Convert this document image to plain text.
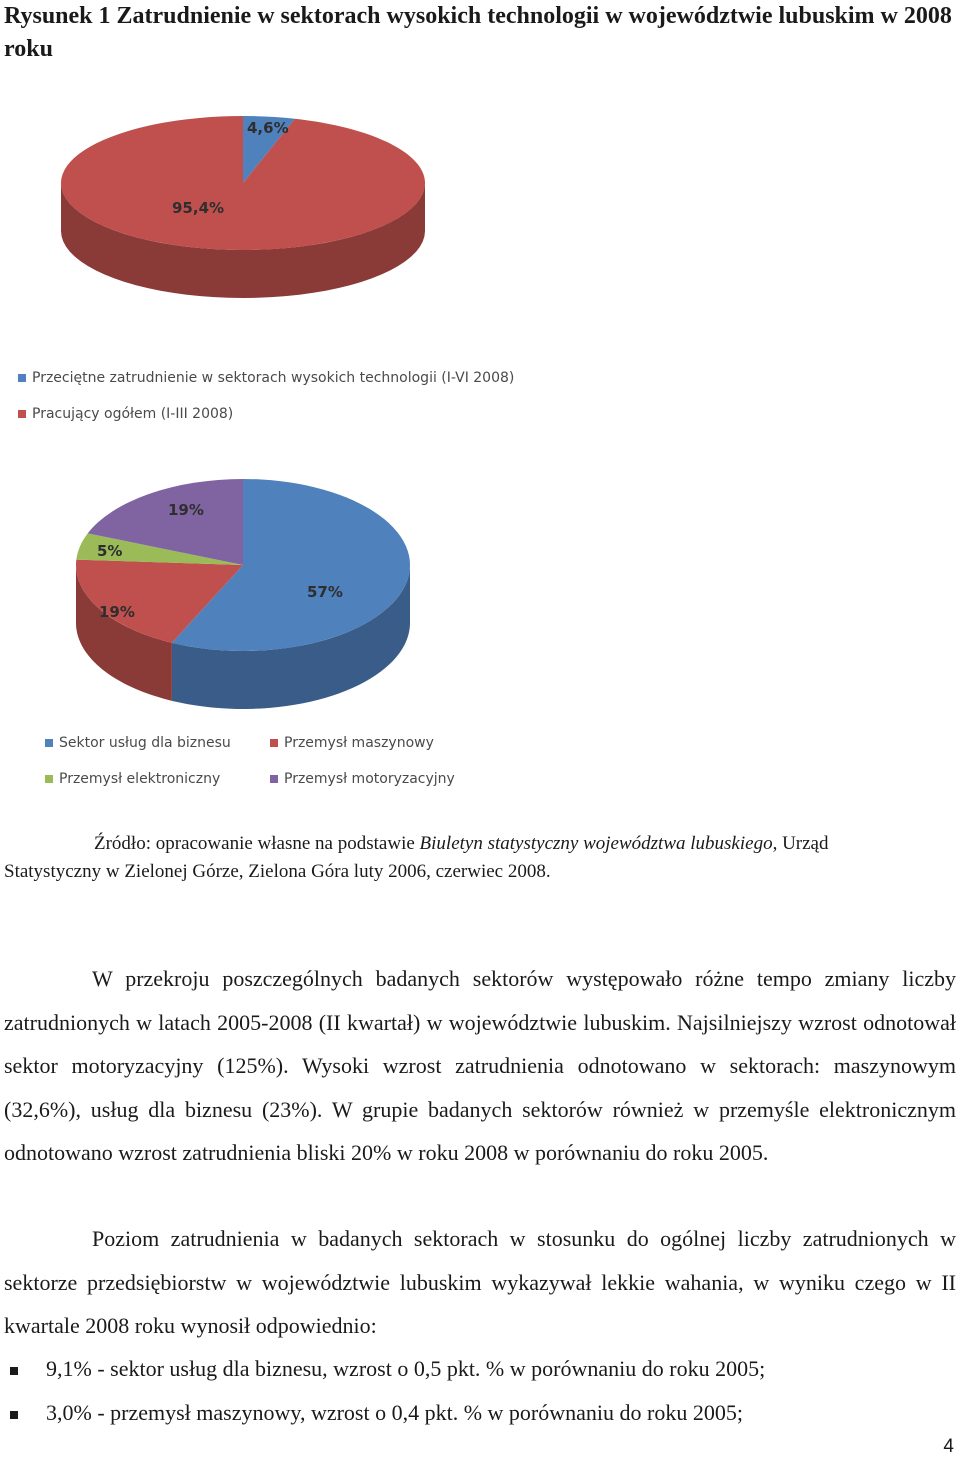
Rysunek 1 Zatrudnienie w sektorach wysokich technologii w województwie lubuskim w 2008 roku
4,6%
95,4%
Przeciętne zatrudnienie w sektorach wysokich technologii (I-VI 2008)
Pracujący ogółem (I-III 2008)
57%
19%
5%
19%
Sektor usług dla biznesu	Przemysł maszynowy
Przemysł elektroniczny	Przemysł motoryzacyjny
Źródło: opracowanie własne na podstawie Biuletyn statystyczny województwa lubuskiego, Urząd
Statystyczny w Zielonej Górze, Zielona Góra luty 2006, czerwiec 2008.
W przekroju poszczególnych badanych sektorów występowało różne tempo zmiany liczby zatrudnionych w latach 2005-2008 (II kwartał) w województwie lubuskim. Najsilniejszy wzrost odnotował sektor motoryzacyjny (125%). Wysoki wzrost zatrudnienia odnotowano w sektorach: maszynowym (32,6%), usług dla biznesu (23%). W grupie badanych sektorów również w przemyśle elektronicznym odnotowano wzrost zatrudnienia bliski 20% w roku 2008 w porównaniu do roku 2005.
Poziom zatrudnienia w badanych sektorach w stosunku do ogólnej liczby zatrudnionych w sektorze przedsiębiorstw w województwie lubuskim wykazywał lekkie wahania, w wyniku czego w II kwartale 2008 roku wynosił odpowiednio:
9,1% - sektor usług dla biznesu, wzrost o 0,5 pkt. % w porównaniu do roku 2005;
3,0% - przemysł maszynowy, wzrost o 0,4 pkt. % w porównaniu do roku 2005;
4
